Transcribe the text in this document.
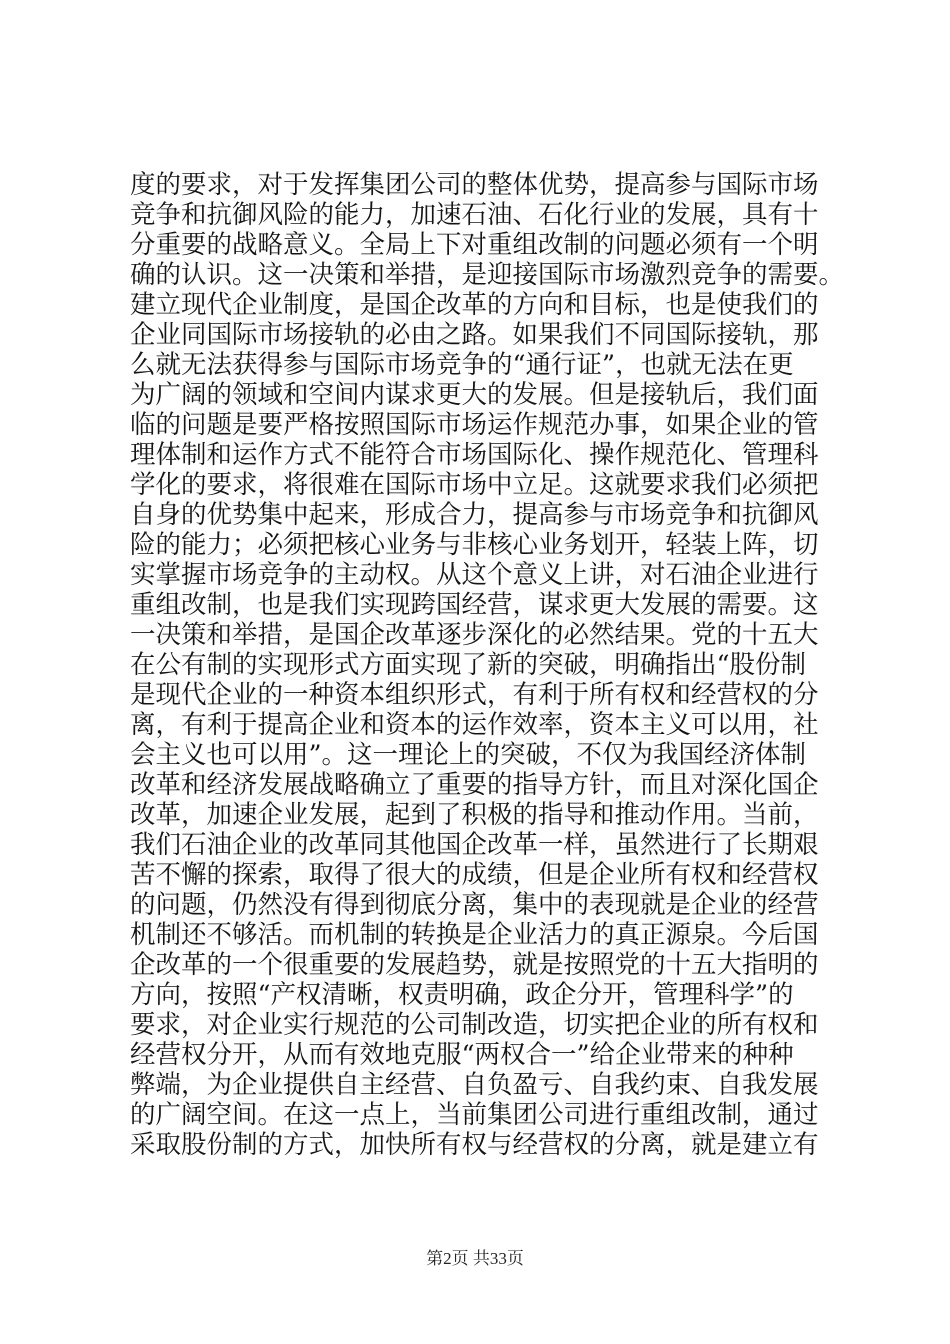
度的要求，对于发挥集团公司的整体优势，提高参与国际市场
竞争和抗御风险的能力，加速石油、石化行业的发展，具有十
分重要的战略意义。全局上下对重组改制的问题必须有一个明
确的认识。这一决策和举措，是迎接国际市场激烈竞争的需要。
建立现代企业制度，是国企改革的方向和目标，也是使我们的
企业同国际市场接轨的必由之路。如果我们不同国际接轨，那
么就无法获得参与国际市场竞争的“通行证”，也就无法在更
为广阔的领域和空间内谋求更大的发展。但是接轨后，我们面
临的问题是要严格按照国际市场运作规范办事，如果企业的管
理体制和运作方式不能符合市场国际化、操作规范化、管理科
学化的要求，将很难在国际市场中立足。这就要求我们必须把
自身的优势集中起来，形成合力，提高参与市场竞争和抗御风
险的能力；必须把核心业务与非核心业务划开，轻装上阵，切
实掌握市场竞争的主动权。从这个意义上讲，对石油企业进行
重组改制，也是我们实现跨国经营，谋求更大发展的需要。这
一决策和举措，是国企改革逐步深化的必然结果。党的十五大
在公有制的实现形式方面实现了新的突破，明确指出“股份制
是现代企业的一种资本组织形式，有利于所有权和经营权的分
离，有利于提高企业和资本的运作效率，资本主义可以用，社
会主义也可以用”。这一理论上的突破，不仅为我国经济体制
改革和经济发展战略确立了重要的指导方针，而且对深化国企
改革，加速企业发展，起到了积极的指导和推动作用。当前，
我们石油企业的改革同其他国企改革一样，虽然进行了长期艰
苦不懈的探索，取得了很大的成绩，但是企业所有权和经营权
的问题，仍然没有得到彻底分离，集中的表现就是企业的经营
机制还不够活。而机制的转换是企业活力的真正源泉。今后国
企改革的一个很重要的发展趋势，就是按照党的十五大指明的
方向，按照“产权清晰，权责明确，政企分开，管理科学”的
要求，对企业实行规范的公司制改造，切实把企业的所有权和
经营权分开，从而有效地克服“两权合一”给企业带来的种种
弊端，为企业提供自主经营、自负盈亏、自我约束、自我发展
的广阔空间。在这一点上，当前集团公司进行重组改制，通过
采取股份制的方式，加快所有权与经营权的分离，就是建立有
第2页 共33页
